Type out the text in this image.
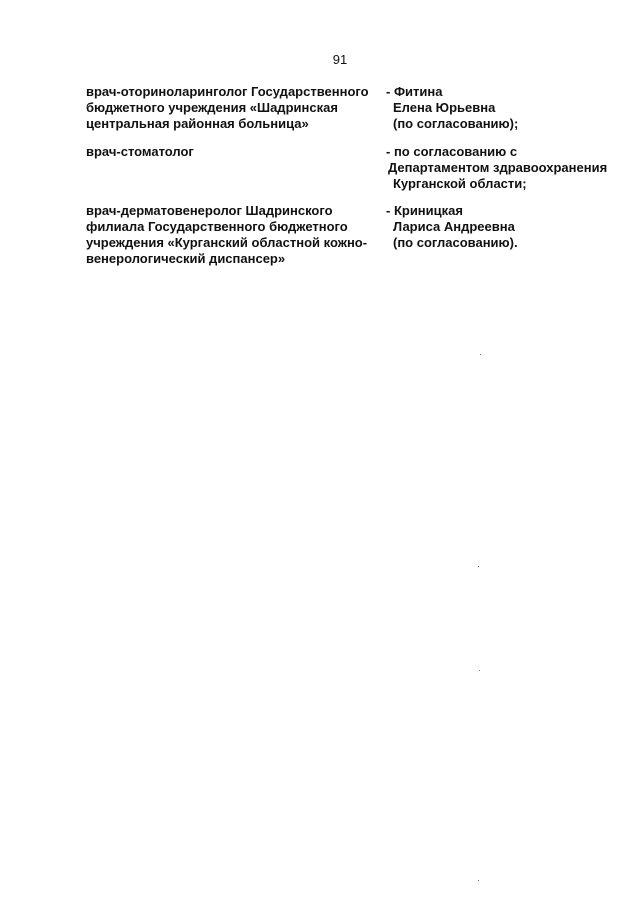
91
врач-оториноларинголог Государственного
бюджетного учреждения «Шадринская
центральная районная больница»
- Фитина
Елена Юрьевна
(по согласованию);
врач-стоматолог	- по согласованию с
Департаментом здравоохранения
Курганской области;
врач-дерматовенеролог Шадринского
филиала Государственного бюджетного
учреждения «Курганский областной кожно-
венерологический диспансер»
- Криницкая
Лариса Андреевна
(по согласованию).
